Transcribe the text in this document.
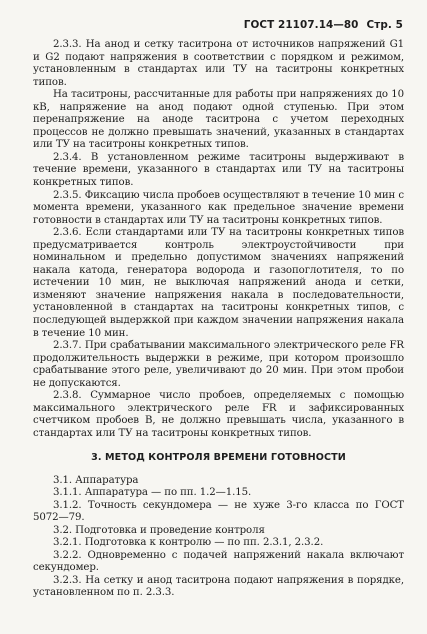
ГОСТ 21107.14—80 Стр. 5

2.3.3. На анод и сетку таситрона от источников напряжений G1 и G2 подают напряжения в соответствии с порядком и режимом, установленным в стандартах или ТУ на таситроны конкретных типов.

На таситроны, рассчитанные для работы при напряжениях до 10 кВ, напряжение на анод подают одной ступенью. При этом перенапряжение на аноде таситрона с учетом переходных процессов не должно превышать значений, указанных в стандартах или ТУ на таситроны конкретных типов.

2.3.4. В установленном режиме таситроны выдерживают в течение времени, указанного в стандартах или ТУ на таситроны конкретных типов.

2.3.5. Фиксацию числа пробоев осуществляют в течение 10 мин с момента времени, указанного как предельное значение времени готовности в стандартах или ТУ на таситроны конкретных типов.

2.3.6. Если стандартами или ТУ на таситроны конкретных типов предусматривается контроль электроустойчивости при номинальном и предельно допустимом значениях напряжений накала катода, генератора водорода и газопоглотителя, то по истечении 10 мин, не выключая напряжений анода и сетки, изменяют значение напряжения накала в последовательности, установленной в стандартах на таситроны конкретных типов, с последующей выдержкой при каждом значении напряжения накала в течение 10 мин.

2.3.7. При срабатывании максимального электрического реле FR продолжительность выдержки в режиме, при котором произошло срабатывание этого реле, увеличивают до 20 мин. При этом пробои не допускаются.

2.3.8. Суммарное число пробоев, определяемых с помощью максимального электрического реле FR и зафиксированных счетчиком пробоев B, не должно превышать числа, указанного в стандартах или ТУ на таситроны конкретных типов.

3. МЕТОД КОНТРОЛЯ ВРЕМЕНИ ГОТОВНОСТИ

3.1. Аппаратура

3.1.1. Аппаратура — по пп. 1.2—1.15.

3.1.2. Точность секундомера — не хуже 3-го класса по ГОСТ 5072—79.

3.2. Подготовка и проведение контроля

3.2.1. Подготовка к контролю — по пп. 2.3.1, 2.3.2.

3.2.2. Одновременно с подачей напряжений накала включают секундомер.

3.2.3. На сетку и анод таситрона подают напряжения в порядке, установленном по п. 2.3.3.
